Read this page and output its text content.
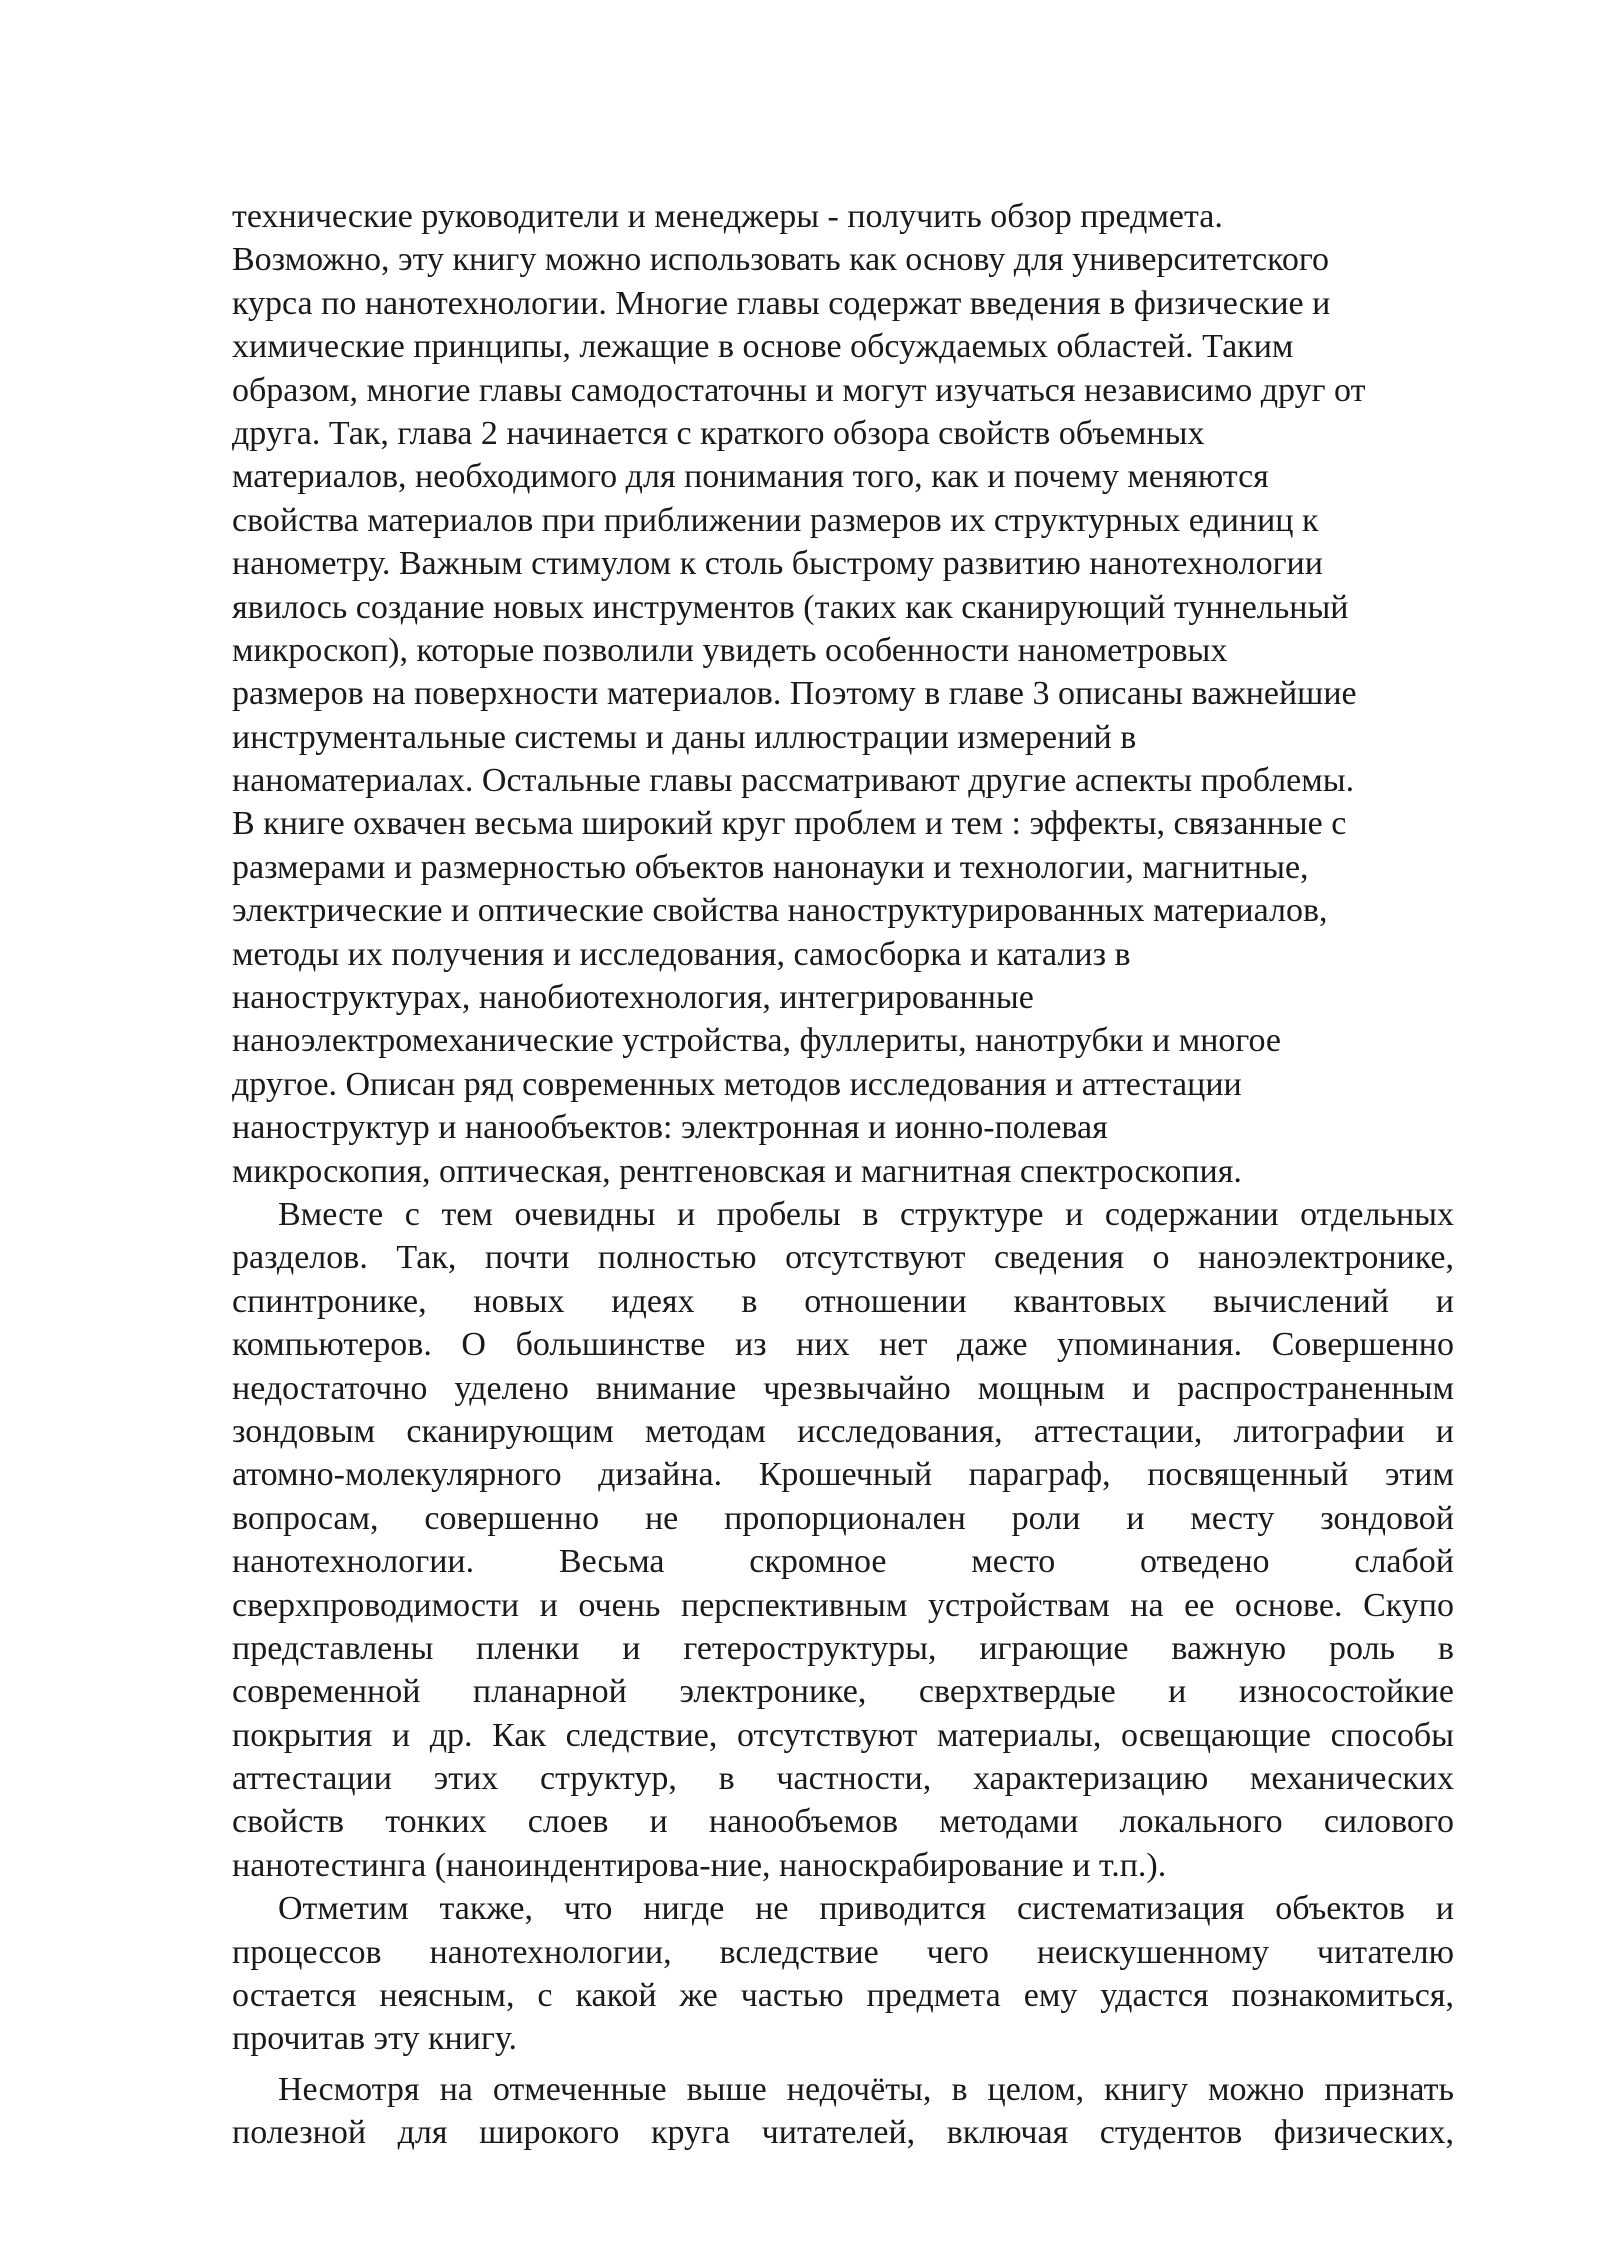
технические руководители и менеджеры - получить обзор предмета.
Возможно, эту книгу можно использовать как основу для университетского
курса по нанотехнологии. Многие главы содержат введения в физические и
химические принципы, лежащие в основе обсуждаемых областей. Таким
образом, многие главы самодостаточны и могут изучаться независимо друг от
друга. Так, глава 2 начинается с краткого обзора свойств объемных
материалов, необходимого для понимания того, как и почему меняются
свойства материалов при приближении размеров их структурных единиц к
нанометру. Важным стимулом к столь быстрому развитию нанотехнологии
явилось создание новых инструментов (таких как сканирующий туннельный
микроскоп), которые позволили увидеть особенности нанометровых
размеров на поверхности материалов. Поэтому в главе 3 описаны важнейшие
инструментальные системы и даны иллюстрации измерений в
наноматериалах. Остальные главы рассматривают другие аспекты проблемы.
В книге охвачен весьма широкий круг проблем и тем : эффекты, связанные с
размерами и размерностью объектов нанонауки и технологии, магнитные,
электрические и оптические свойства наноструктурированных материалов,
методы их получения и исследования, самосборка и катализ в
наноструктурах, нанобиотехнология, интегрированные
наноэлектромеханические устройства, фуллериты, нанотрубки и многое
другое. Описан ряд современных методов исследования и аттестации
наноструктур и нанообъектов: электронная и ионно-полевая
микроскопия, оптическая, рентгеновская и магнитная спектроскопия.
Вместе с тем очевидны и пробелы в структуре и содержании отдельных
разделов. Так, почти полностью отсутствуют сведения о наноэлектронике,
спинтронике, новых идеях в отношении квантовых вычислений и
компьютеров. О большинстве из них нет даже упоминания. Совершенно
недостаточно уделено внимание чрезвычайно мощным и распространенным
зондовым сканирующим методам исследования, аттестации, литографии и
атомно-молекулярного дизайна. Крошечный параграф, посвященный этим
вопросам, совершенно не пропорционален роли и месту зондовой
нанотехнологии. Весьма скромное место отведено слабой
сверхпроводимости и очень перспективным устройствам на ее основе. Скупо
представлены пленки и гетероструктуры, играющие важную роль в
современной планарной электронике, сверхтвердые и износостойкие
покрытия и др. Как следствие, отсутствуют материалы, освещающие способы
аттестации этих структур, в частности, характеризацию механических
свойств тонких слоев и нанообъемов методами локального силового
нанотестинга (наноиндентирова-ние, наноскрабирование и т.п.).
Отметим также, что нигде не приводится систематизация объектов и
процессов нанотехнологии, вследствие чего неискушенному читателю
остается неясным, с какой же частью предмета ему удастся познакомиться,
прочитав эту книгу.
Несмотря на отмеченные выше недочёты, в целом, книгу можно признать
полезной для широкого круга читателей, включая студентов физических,
